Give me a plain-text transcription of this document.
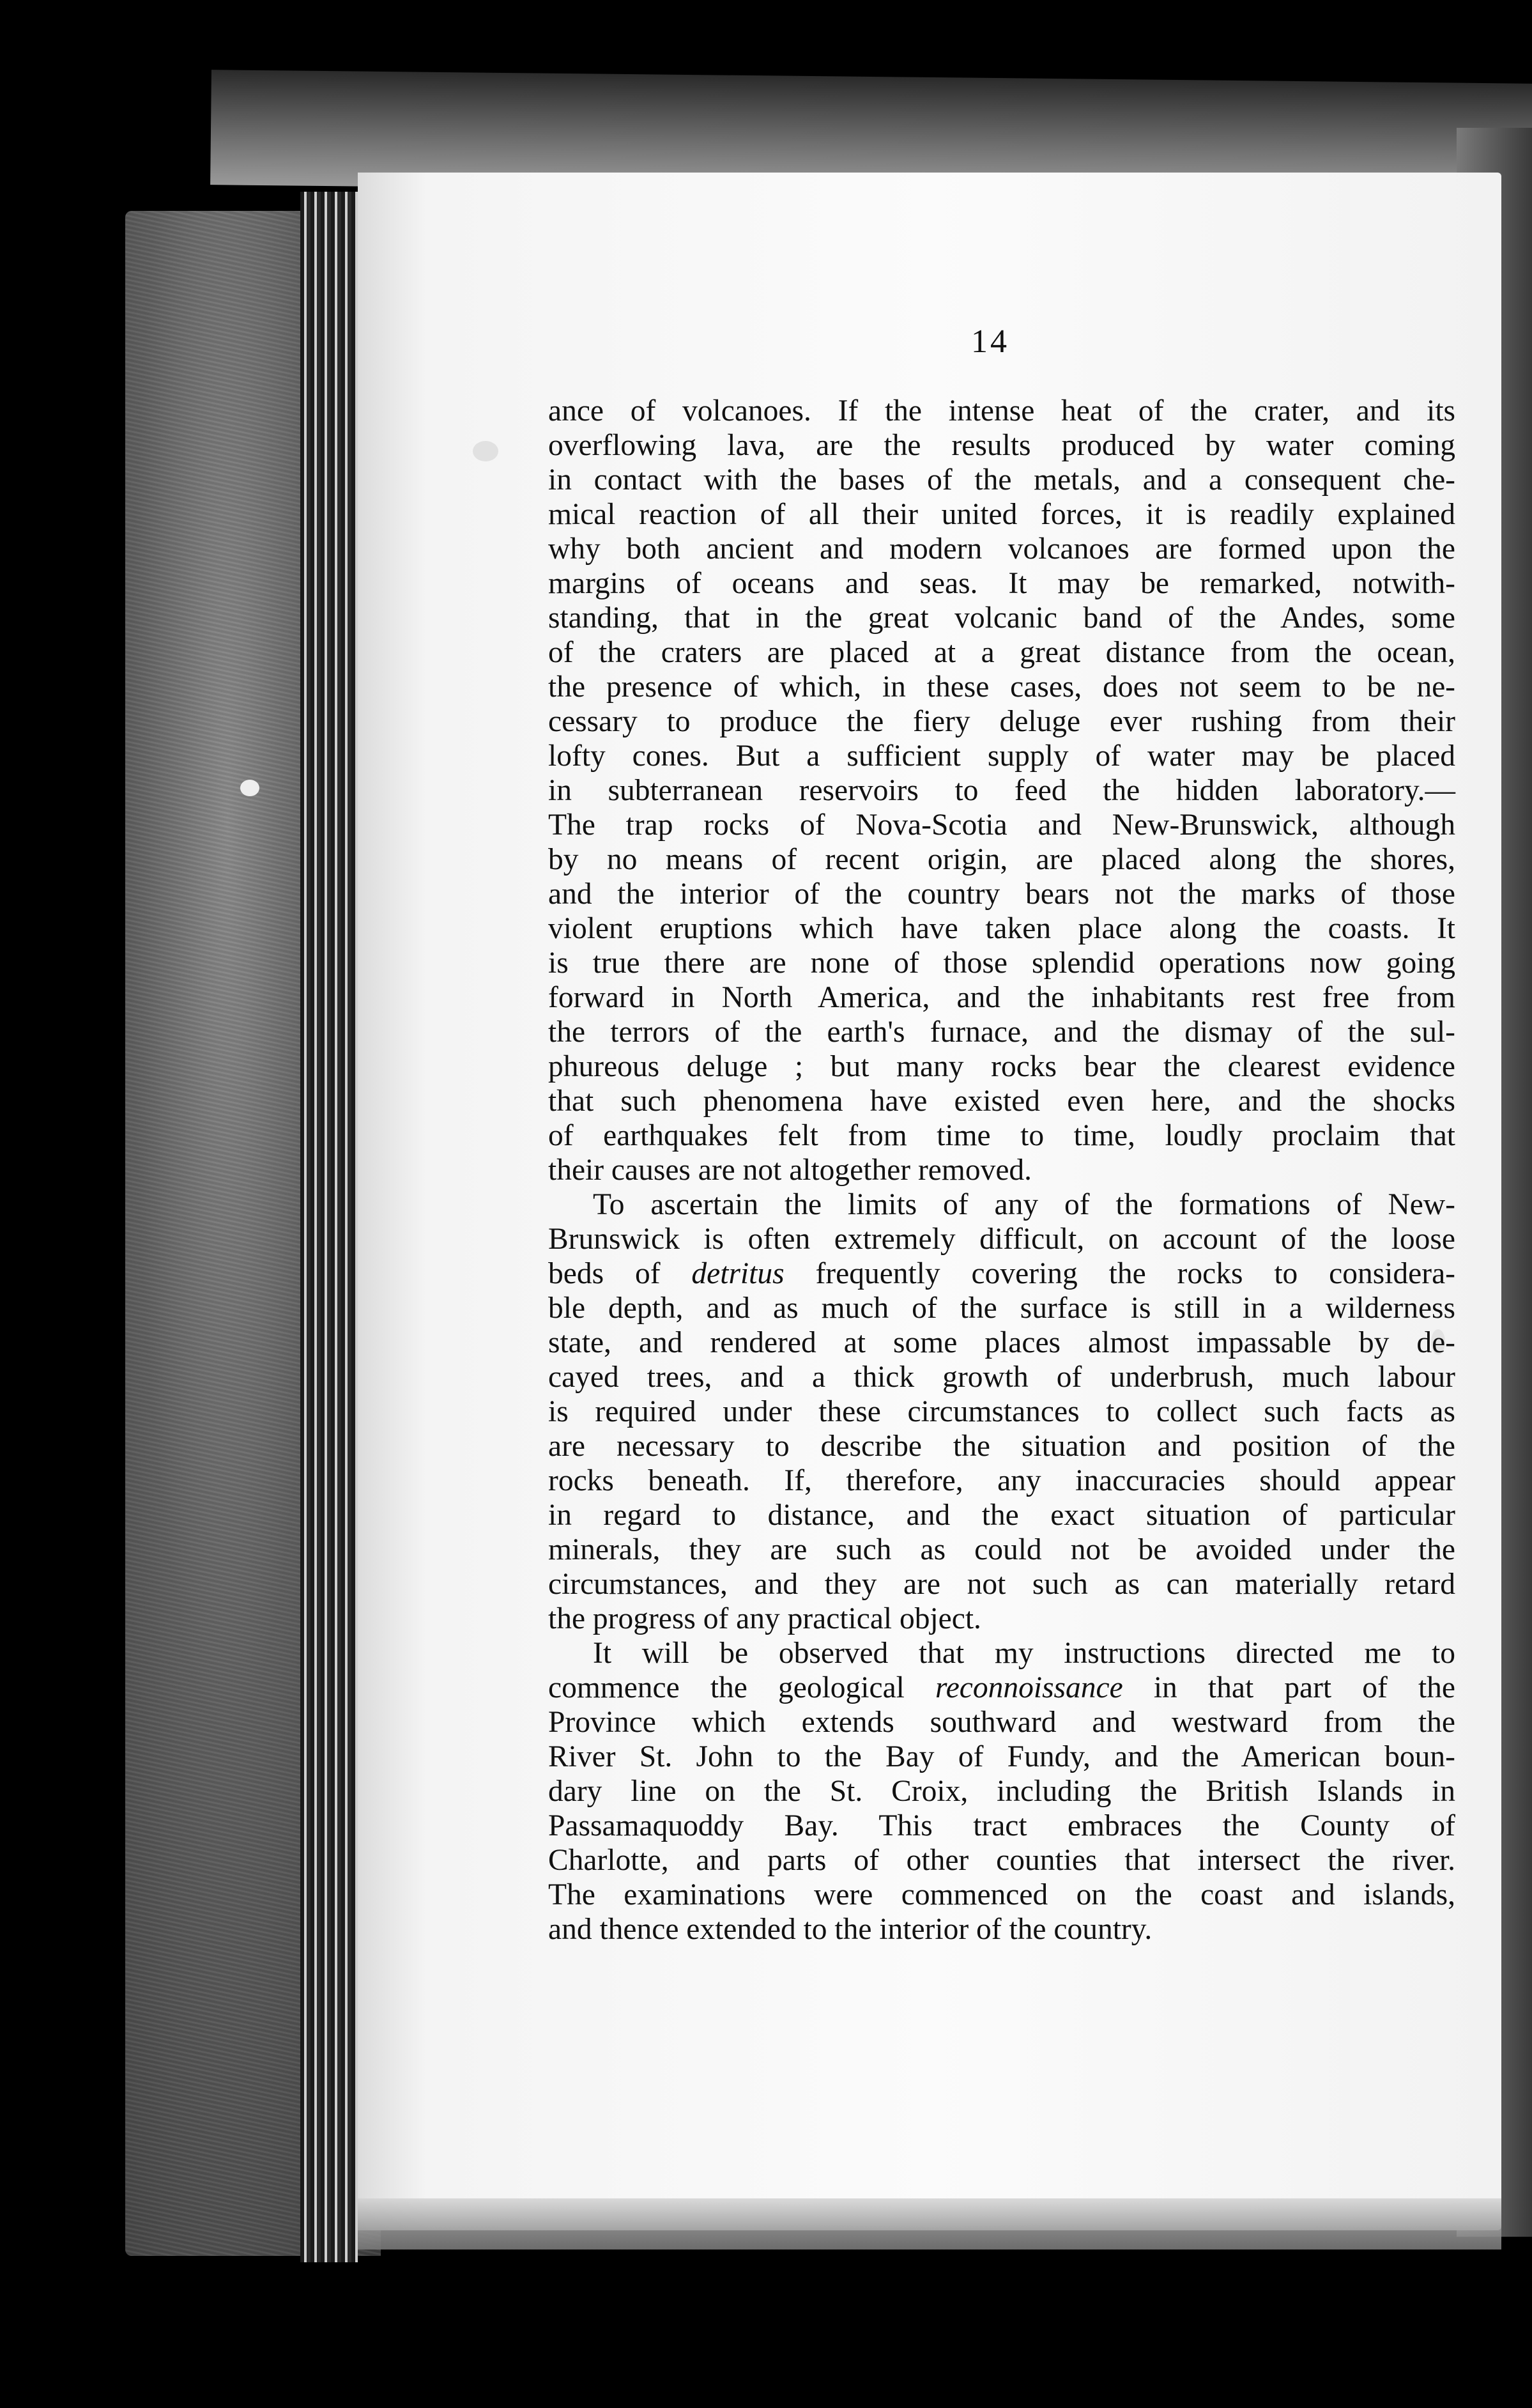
14
ance of volcanoes. If the intense heat of the crater, and its
overflowing lava, are the results produced by water coming
in contact with the bases of the metals, and a consequent che-
mical reaction of all their united forces, it is readily explained
why both ancient and modern volcanoes are formed upon the
margins of oceans and seas. It may be remarked, notwith-
standing, that in the great volcanic band of the Andes, some
of the craters are placed at a great distance from the ocean,
the presence of which, in these cases, does not seem to be ne-
cessary to produce the fiery deluge ever rushing from their
lofty cones. But a sufficient supply of water may be placed
in subterranean reservoirs to feed the hidden laboratory.—
The trap rocks of Nova-Scotia and New-Brunswick, although
by no means of recent origin, are placed along the shores,
and the interior of the country bears not the marks of those
violent eruptions which have taken place along the coasts. It
is true there are none of those splendid operations now going
forward in North America, and the inhabitants rest free from
the terrors of the earth's furnace, and the dismay of the sul-
phureous deluge ; but many rocks bear the clearest evidence
that such phenomena have existed even here, and the shocks
of earthquakes felt from time to time, loudly proclaim that
their causes are not altogether removed.
To ascertain the limits of any of the formations of New-
Brunswick is often extremely difficult, on account of the loose
beds of detritus frequently covering the rocks to considera-
ble depth, and as much of the surface is still in a wilderness
state, and rendered at some places almost impassable by de-
cayed trees, and a thick growth of underbrush, much labour
is required under these circumstances to collect such facts as
are necessary to describe the situation and position of the
rocks beneath. If, therefore, any inaccuracies should appear
in regard to distance, and the exact situation of particular
minerals, they are such as could not be avoided under the
circumstances, and they are not such as can materially retard
the progress of any practical object.
It will be observed that my instructions directed me to
commence the geological reconnoissance in that part of the
Province which extends southward and westward from the
River St. John to the Bay of Fundy, and the American boun-
dary line on the St. Croix, including the British Islands in
Passamaquoddy Bay. This tract embraces the County of
Charlotte, and parts of other counties that intersect the river.
The examinations were commenced on the coast and islands,
and thence extended to the interior of the country.
